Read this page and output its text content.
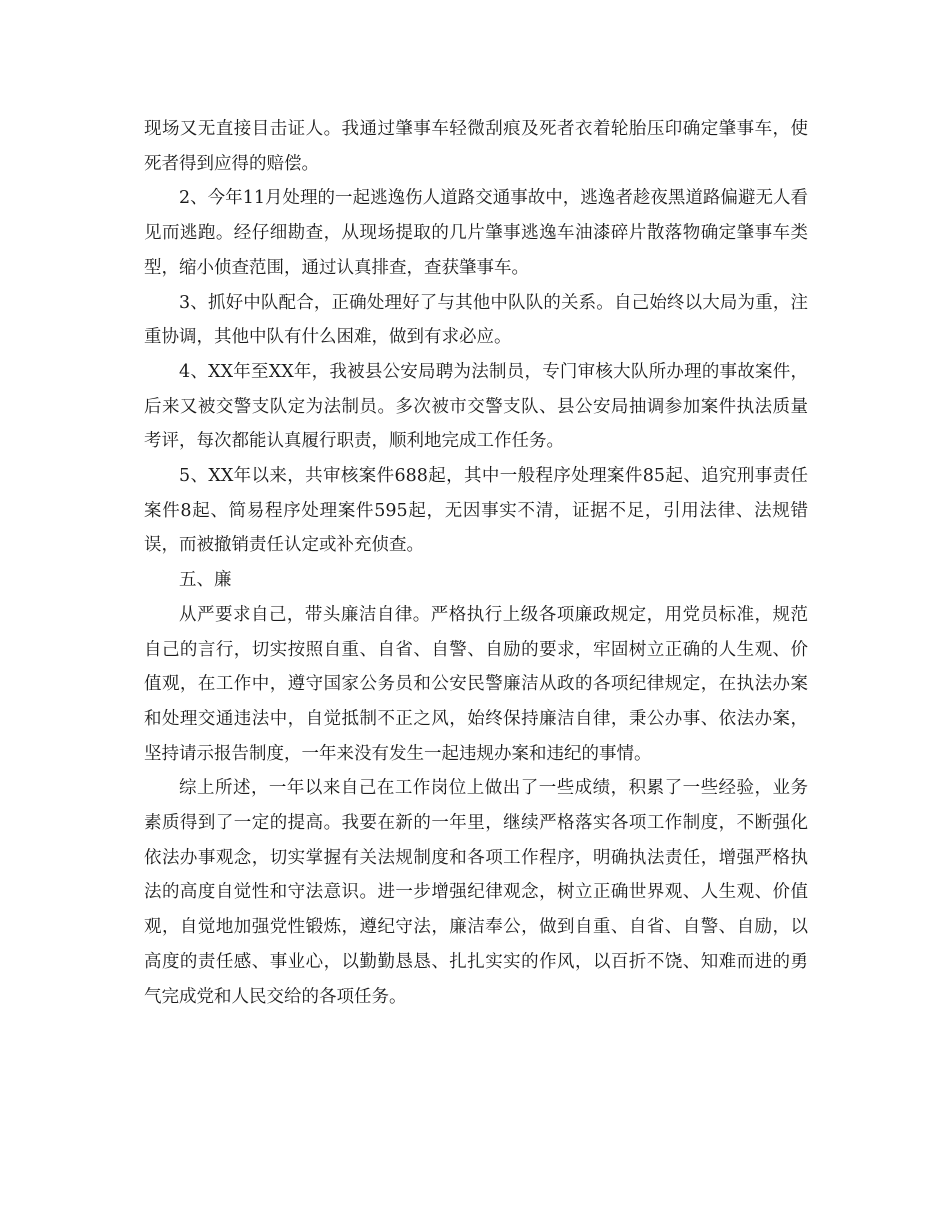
现场又无直接目击证人。我通过肇事车轻微刮痕及死者衣着轮胎压印确定肇事车，使死者得到应得的赔偿。

2、今年11月处理的一起逃逸伤人道路交通事故中，逃逸者趁夜黑道路偏避无人看见而逃跑。经仔细勘查，从现场提取的几片肇事逃逸车油漆碎片散落物确定肇事车类型，缩小侦查范围，通过认真排查，查获肇事车。

3、抓好中队配合，正确处理好了与其他中队队的关系。自己始终以大局为重，注重协调，其他中队有什么困难，做到有求必应。

4、XX年至XX年，我被县公安局聘为法制员，专门审核大队所办理的事故案件，后来又被交警支队定为法制员。多次被市交警支队、县公安局抽调参加案件执法质量考评，每次都能认真履行职责，顺利地完成工作任务。

5、XX年以来，共审核案件688起，其中一般程序处理案件85起、追究刑事责任案件8起、简易程序处理案件595起，无因事实不清，证据不足，引用法律、法规错误，而被撤销责任认定或补充侦查。

五、廉

从严要求自己，带头廉洁自律。严格执行上级各项廉政规定，用党员标准，规范自己的言行，切实按照自重、自省、自警、自励的要求，牢固树立正确的人生观、价值观，在工作中，遵守国家公务员和公安民警廉洁从政的各项纪律规定，在执法办案和处理交通违法中，自觉抵制不正之风，始终保持廉洁自律，秉公办事、依法办案，坚持请示报告制度，一年来没有发生一起违规办案和违纪的事情。

综上所述，一年以来自己在工作岗位上做出了一些成绩，积累了一些经验，业务素质得到了一定的提高。我要在新的一年里，继续严格落实各项工作制度，不断强化依法办事观念，切实掌握有关法规制度和各项工作程序，明确执法责任，增强严格执法的高度自觉性和守法意识。进一步增强纪律观念，树立正确世界观、人生观、价值观，自觉地加强党性锻炼，遵纪守法，廉洁奉公，做到自重、自省、自警、自励，以高度的责任感、事业心，以勤勤恳恳、扎扎实实的作风，以百折不饶、知难而进的勇气完成党和人民交给的各项任务。
